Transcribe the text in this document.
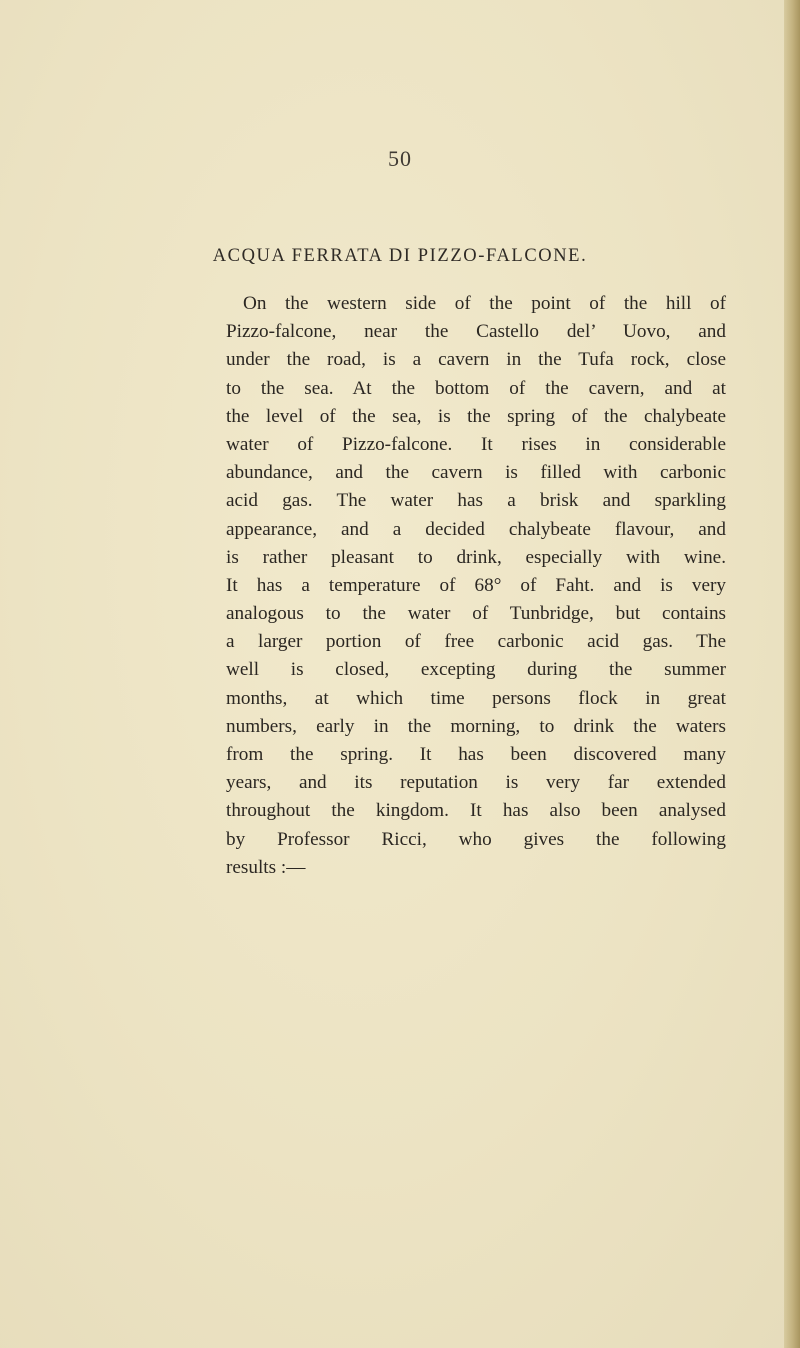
50
ACQUA FERRATA DI PIZZO-FALCONE.
On the western side of the point of the hill of
Pizzo-falcone, near the Castello del’ Uovo, and
under the road, is a cavern in the Tufa rock, close
to the sea. At the bottom of the cavern, and at
the level of the sea, is the spring of the chalybeate
water of Pizzo-falcone. It rises in considerable
abundance, and the cavern is filled with carbonic
acid gas. The water has a brisk and sparkling
appearance, and a decided chalybeate flavour, and
is rather pleasant to drink, especially with wine.
It has a temperature of 68° of Faht. and is very
analogous to the water of Tunbridge, but contains
a larger portion of free carbonic acid gas. The
well is closed, excepting during the summer
months, at which time persons flock in great
numbers, early in the morning, to drink the waters
from the spring. It has been discovered many
years, and its reputation is very far extended
throughout the kingdom. It has also been analysed
by Professor Ricci, who gives the following
results :—
